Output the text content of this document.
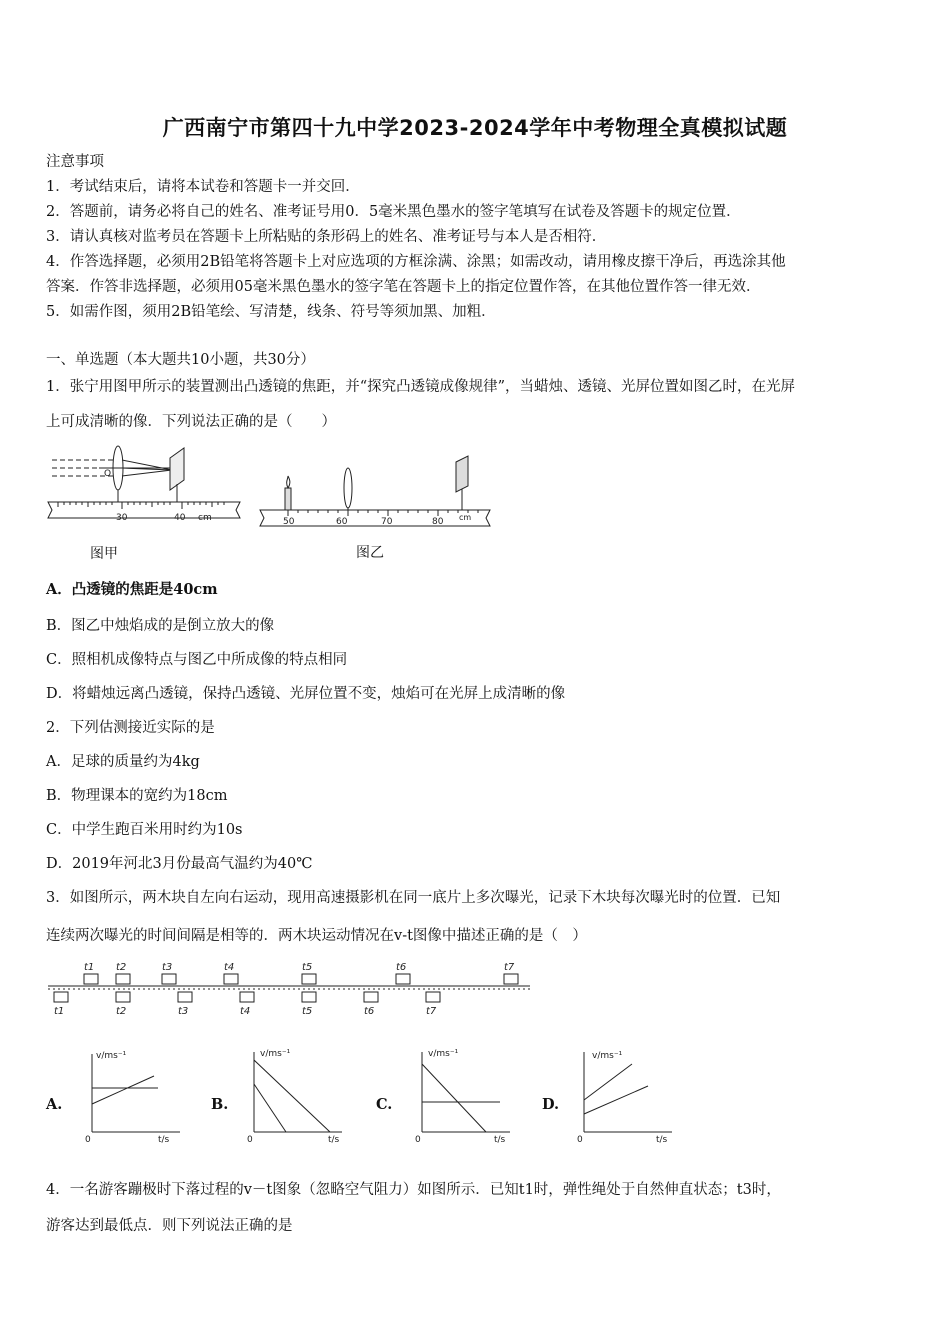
广西南宁市第四十九中学2023-2024学年中考物理全真模拟试题
注意事项
1．考试结束后，请将本试卷和答题卡一并交回．
2．答题前，请务必将自己的姓名、准考证号用0．5毫米黑色墨水的签字笔填写在试卷及答题卡的规定位置．
3．请认真核对监考员在答题卡上所粘贴的条形码上的姓名、准考证号与本人是否相符．
4．作答选择题，必须用2B铅笔将答题卡上对应选项的方框涂满、涂黑；如需改动，请用橡皮擦干净后，再选涂其他
答案．作答非选择题，必须用05毫米黑色墨水的签字笔在答题卡上的指定位置作答，在其他位置作答一律无效．
5．如需作图，须用2B铅笔绘、写清楚，线条、符号等须加黑、加粗．
一、单选题（本大题共10小题，共30分）
1．张宁用图甲所示的装置测出凸透镜的焦距，并“探究凸透镜成像规律”，当蜡烛、透镜、光屏位置如图乙时，在光屏
上可成清晰的像．下列说法正确的是（　　）
O
30	40 cm
图甲
50	60	70	80 cm
图乙
A．凸透镜的焦距是40cm
B．图乙中烛焰成的是倒立放大的像
C．照相机成像特点与图乙中所成像的特点相同
D．将蜡烛远离凸透镜，保持凸透镜、光屏位置不变，烛焰可在光屏上成清晰的像
2．下列估测接近实际的是
A．足球的质量约为4kg
B．物理课本的宽约为18cm
C．中学生跑百米用时约为10s
D．2019年河北3月份最高气温约为40℃
3．如图所示，两木块自左向右运动，现用高速摄影机在同一底片上多次曝光，记录下木块每次曝光时的位置．已知
连续两次曝光的时间间隔是相等的．两木块运动情况在v-t图像中描述正确的是（　）
t1 t2	t3	t4	t5	t6	t7
t1	t2	t3	t4	t5	t6	t7
A.
v/ms⁻¹
t/s
0
B.
v/ms⁻¹
t/s
0
C.
v/ms⁻¹
t/s
0
D.
v/ms⁻¹
t/s
0
4．一名游客蹦极时下落过程的v－t图象（忽略空气阻力）如图所示．已知t1时，弹性绳处于自然伸直状态；t3时，
游客达到最低点．则下列说法正确的是
